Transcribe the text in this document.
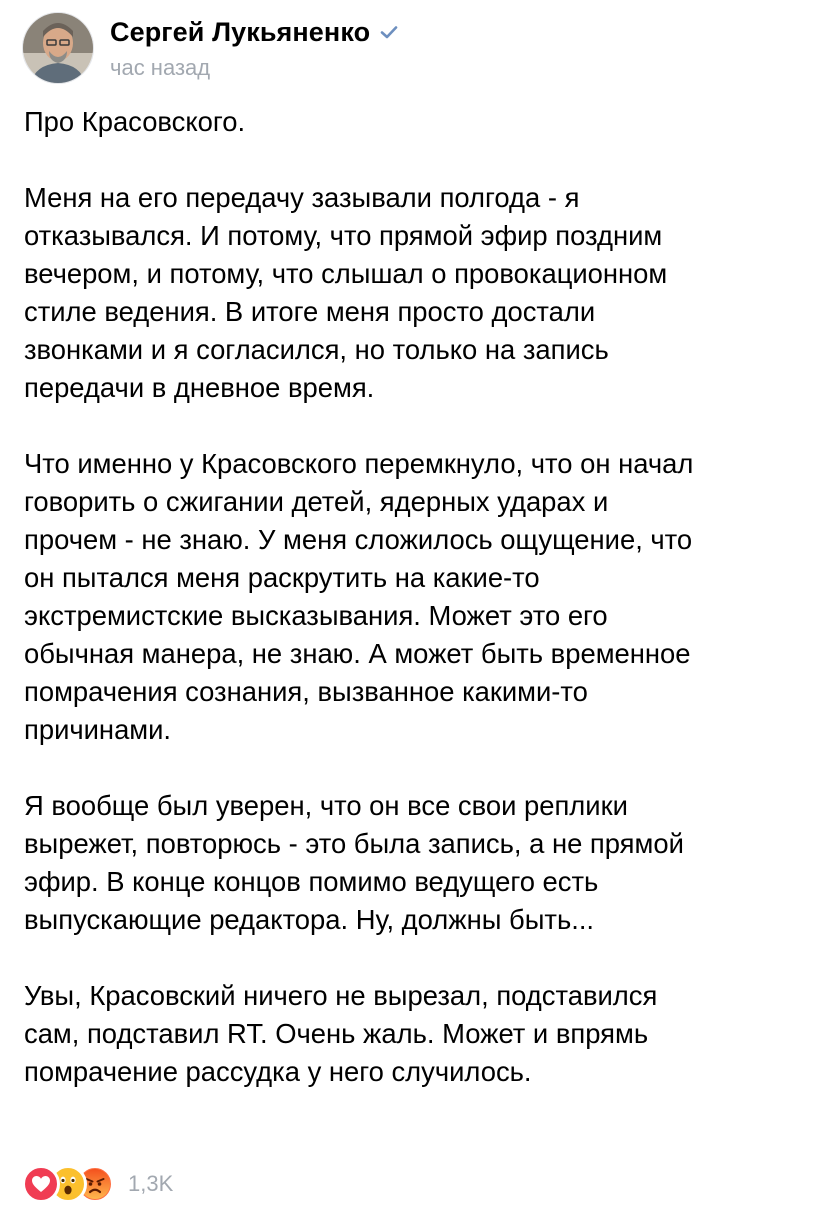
Сергей Лукьяненко
час назад
Про Красовского.
Меня на его передачу зазывали полгода - я
отказывался. И потому, что прямой эфир поздним
вечером, и потому, что слышал о провокационном
стиле ведения. В итоге меня просто достали
звонками и я согласился, но только на запись
передачи в дневное время.
Что именно у Красовского перемкнуло, что он начал
говорить о сжигании детей, ядерных ударах и
прочем - не знаю. У меня сложилось ощущение, что
он пытался меня раскрутить на какие-то
экстремистские высказывания. Может это его
обычная манера, не знаю. А может быть временное
помрачения сознания, вызванное какими-то
причинами.
Я вообще был уверен, что он все свои реплики
вырежет, повторюсь - это была запись, а не прямой
эфир. В конце концов помимо ведущего есть
выпускающие редактора. Ну, должны быть...
Увы, Красовский ничего не вырезал, подставился
сам, подставил RT. Очень жаль. Может и впрямь
помрачение рассудка у него случилось.
1,3K
